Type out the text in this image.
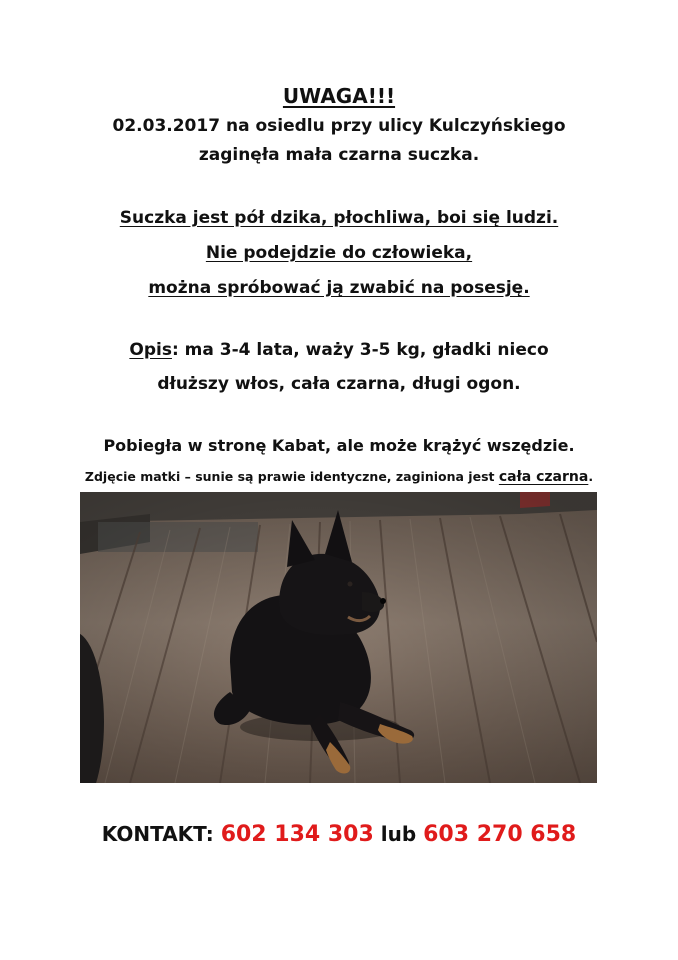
UWAGA!!!
02.03.2017 na osiedlu przy ulicy Kulczyńskiego
zaginęła mała czarna suczka.
Suczka jest pół dzika, płochliwa, boi się ludzi.
Nie podejdzie do człowieka,
można spróbować ją zwabić na posesję.
Opis: ma 3-4 lata, waży 3-5 kg, gładki nieco
dłuższy włos, cała czarna, długi ogon.
Pobiegła w stronę Kabat, ale może krążyć wszędzie.
Zdjęcie matki – sunie są prawie identyczne, zaginiona jest cała czarna.
KONTAKT: 602 134 303 lub 603 270 658
